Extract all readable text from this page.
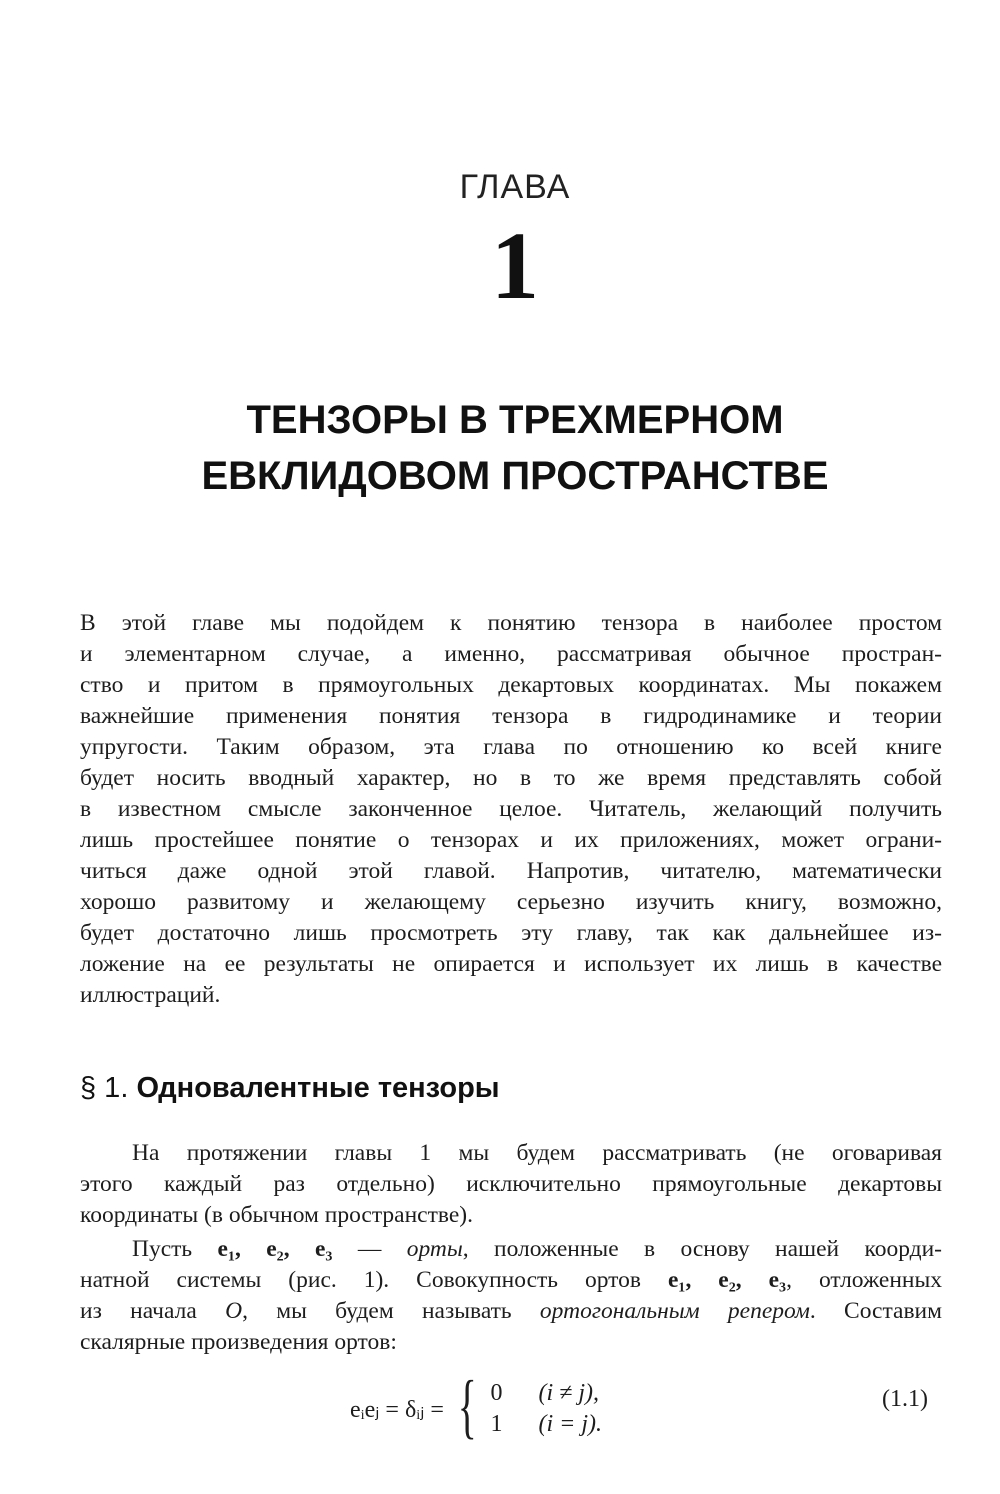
ГЛАВА
1
ТЕНЗОРЫ В ТРЕХМЕРНОМ
ЕВКЛИДОВОМ ПРОСТРАНСТВЕ
В этой главе мы подойдем к понятию тензора в наиболее простом
и элементарном случае, а именно, рассматривая обычное простран-
ство и притом в прямоугольных декартовых координатах. Мы покажем
важнейшие применения понятия тензора в гидродинамике и теории
упругости. Таким образом, эта глава по отношению ко всей книге
будет носить вводный характер, но в то же время представлять собой
в известном смысле законченное целое. Читатель, желающий получить
лишь простейшее понятие о тензорах и их приложениях, может ограни-
читься даже одной этой главой. Напротив, читателю, математически
хорошо развитому и желающему серьезно изучить книгу, возможно,
будет достаточно лишь просмотреть эту главу, так как дальнейшее из-
ложение на ее результаты не опирается и использует их лишь в качестве
иллюстраций.
§ 1. Одновалентные тензоры
На протяжении главы 1 мы будем рассматривать (не оговаривая
этого каждый раз отдельно) исключительно прямоугольные декартовы
координаты (в обычном пространстве).
Пусть e₁, e₂, e₃ — орты, положенные в основу нашей коорди-
натной системы (рис. 1). Совокупность ортов e₁, e₂, e₃, отложенных
из начала O, мы будем называть ортогональным репером. Составим
скалярные произведения ортов:
eᵢeⱼ = δᵢⱼ = { 0 (i ≠ j),
1 (i = j).
(1.1)
